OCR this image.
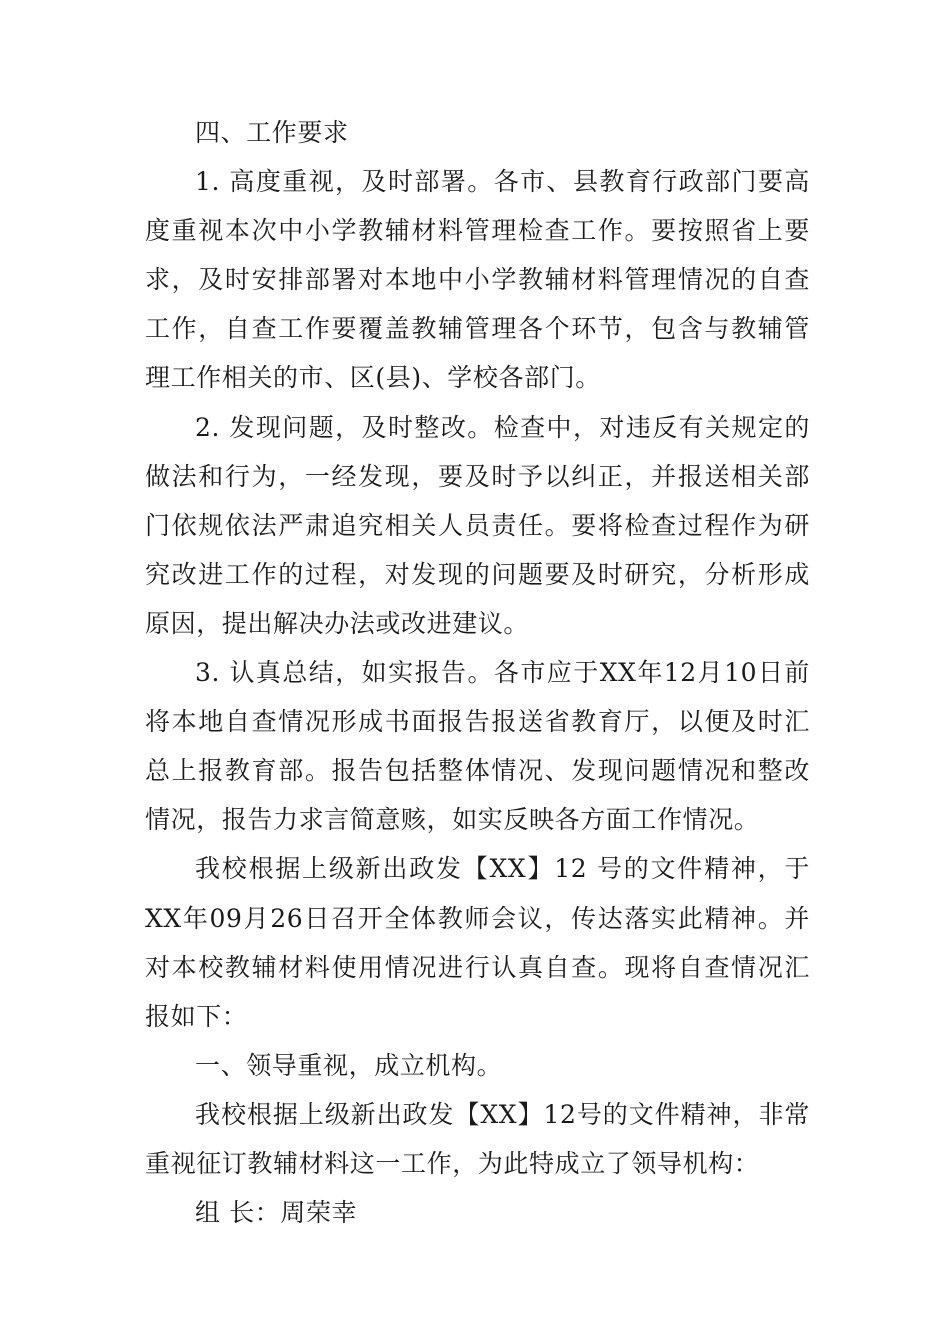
四、工作要求

1. 高度重视，及时部署。各市、县教育行政部门要高度重视本次中小学教辅材料管理检查工作。要按照省上要求，及时安排部署对本地中小学教辅材料管理情况的自查工作，自查工作要覆盖教辅管理各个环节，包含与教辅管理工作相关的市、区(县)、学校各部门。

2. 发现问题，及时整改。检查中，对违反有关规定的做法和行为，一经发现，要及时予以纠正，并报送相关部门依规依法严肃追究相关人员责任。要将检查过程作为研究改进工作的过程，对发现的问题要及时研究，分析形成原因，提出解决办法或改进建议。

3. 认真总结，如实报告。各市应于XX年12月10日前将本地自查情况形成书面报告报送省教育厅，以便及时汇总上报教育部。报告包括整体情况、发现问题情况和整改情况，报告力求言简意赅，如实反映各方面工作情况。

我校根据上级新出政发【XX】12 号的文件精神，于 XX年09月26日召开全体教师会议，传达落实此精神。并对本校教辅材料使用情况进行认真自查。现将自查情况汇报如下：

一、领导重视，成立机构。

我校根据上级新出政发【XX】12号的文件精神，非常重视征订教辅材料这一工作，为此特成立了领导机构：

组 长：周荣幸
